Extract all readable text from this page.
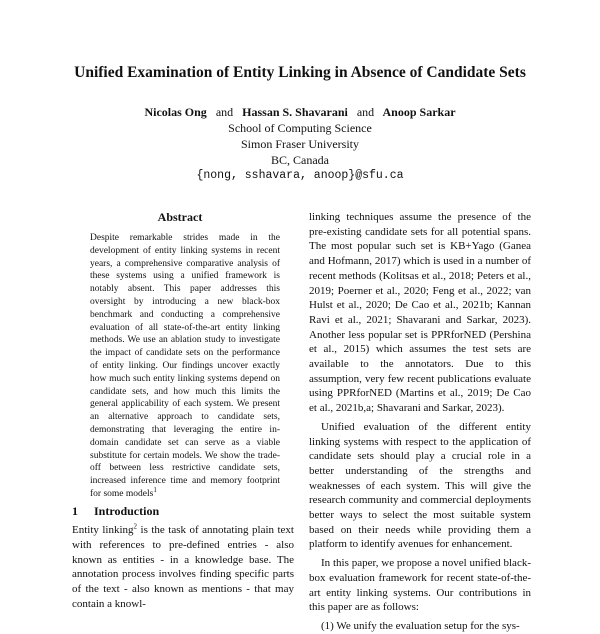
Unified Examination of Entity Linking in Absence of Candidate Sets
Nicolas Ong and Hassan S. Shavarani and Anoop Sarkar
School of Computing Science
Simon Fraser University
BC, Canada
{nong, sshavara, anoop}@sfu.ca
Abstract

Despite remarkable strides made in the development of entity linking systems in recent years, a comprehensive comparative analysis of these systems using a unified framework is notably absent. This paper addresses this oversight by introducing a new black-box benchmark and conducting a comprehensive evaluation of all state-of-the-art entity linking methods. We use an ablation study to investigate the impact of candidate sets on the performance of entity linking. Our findings uncover exactly how much such entity linking systems depend on candidate sets, and how much this limits the general applicability of each system. We present an alternative approach to candidate sets, demonstrating that leveraging the entire in-domain candidate set can serve as a viable substitute for certain models. We show the trade-off between less restrictive candidate sets, increased inference time and memory footprint for some models$^1$

1 Introduction

Entity linking$^2$ is the task of annotating plain text with references to pre-defined entries - also known as entities - in a knowledge base. The annotation process involves finding specific parts of the text - also known as mentions - that may contain a knowl-

linking techniques assume the presence of the pre-existing candidate sets for all potential spans. The most popular such set is KB+Yago (Ganea and Hofmann, 2017) which is used in a number of recent methods (Kolitsas et al., 2018; Peters et al., 2019; Poerner et al., 2020; Feng et al., 2022; van Hulst et al., 2020; De Cao et al., 2021b; Kannan Ravi et al., 2021; Shavarani and Sarkar, 2023). Another less popular set is PPRforNED (Pershina et al., 2015) which assumes the test sets are available to the annotators. Due to this assumption, very few recent publications evaluate using PPRforNED (Martins et al., 2019; De Cao et al., 2021b,a; Shavarani and Sarkar, 2023).

Unified evaluation of the different entity linking systems with respect to the application of candidate sets should play a crucial role in a better understanding of the strengths and weaknesses of each system. This will give the research community and commercial deployments better ways to select the most suitable system based on their needs while providing them a platform to identify avenues for enhancement.

In this paper, we propose a novel unified black-box evaluation framework for recent state-of-the-art entity linking systems. Our contributions in this paper are as follows:

(1) We unify the evaluation setup for the sys-
